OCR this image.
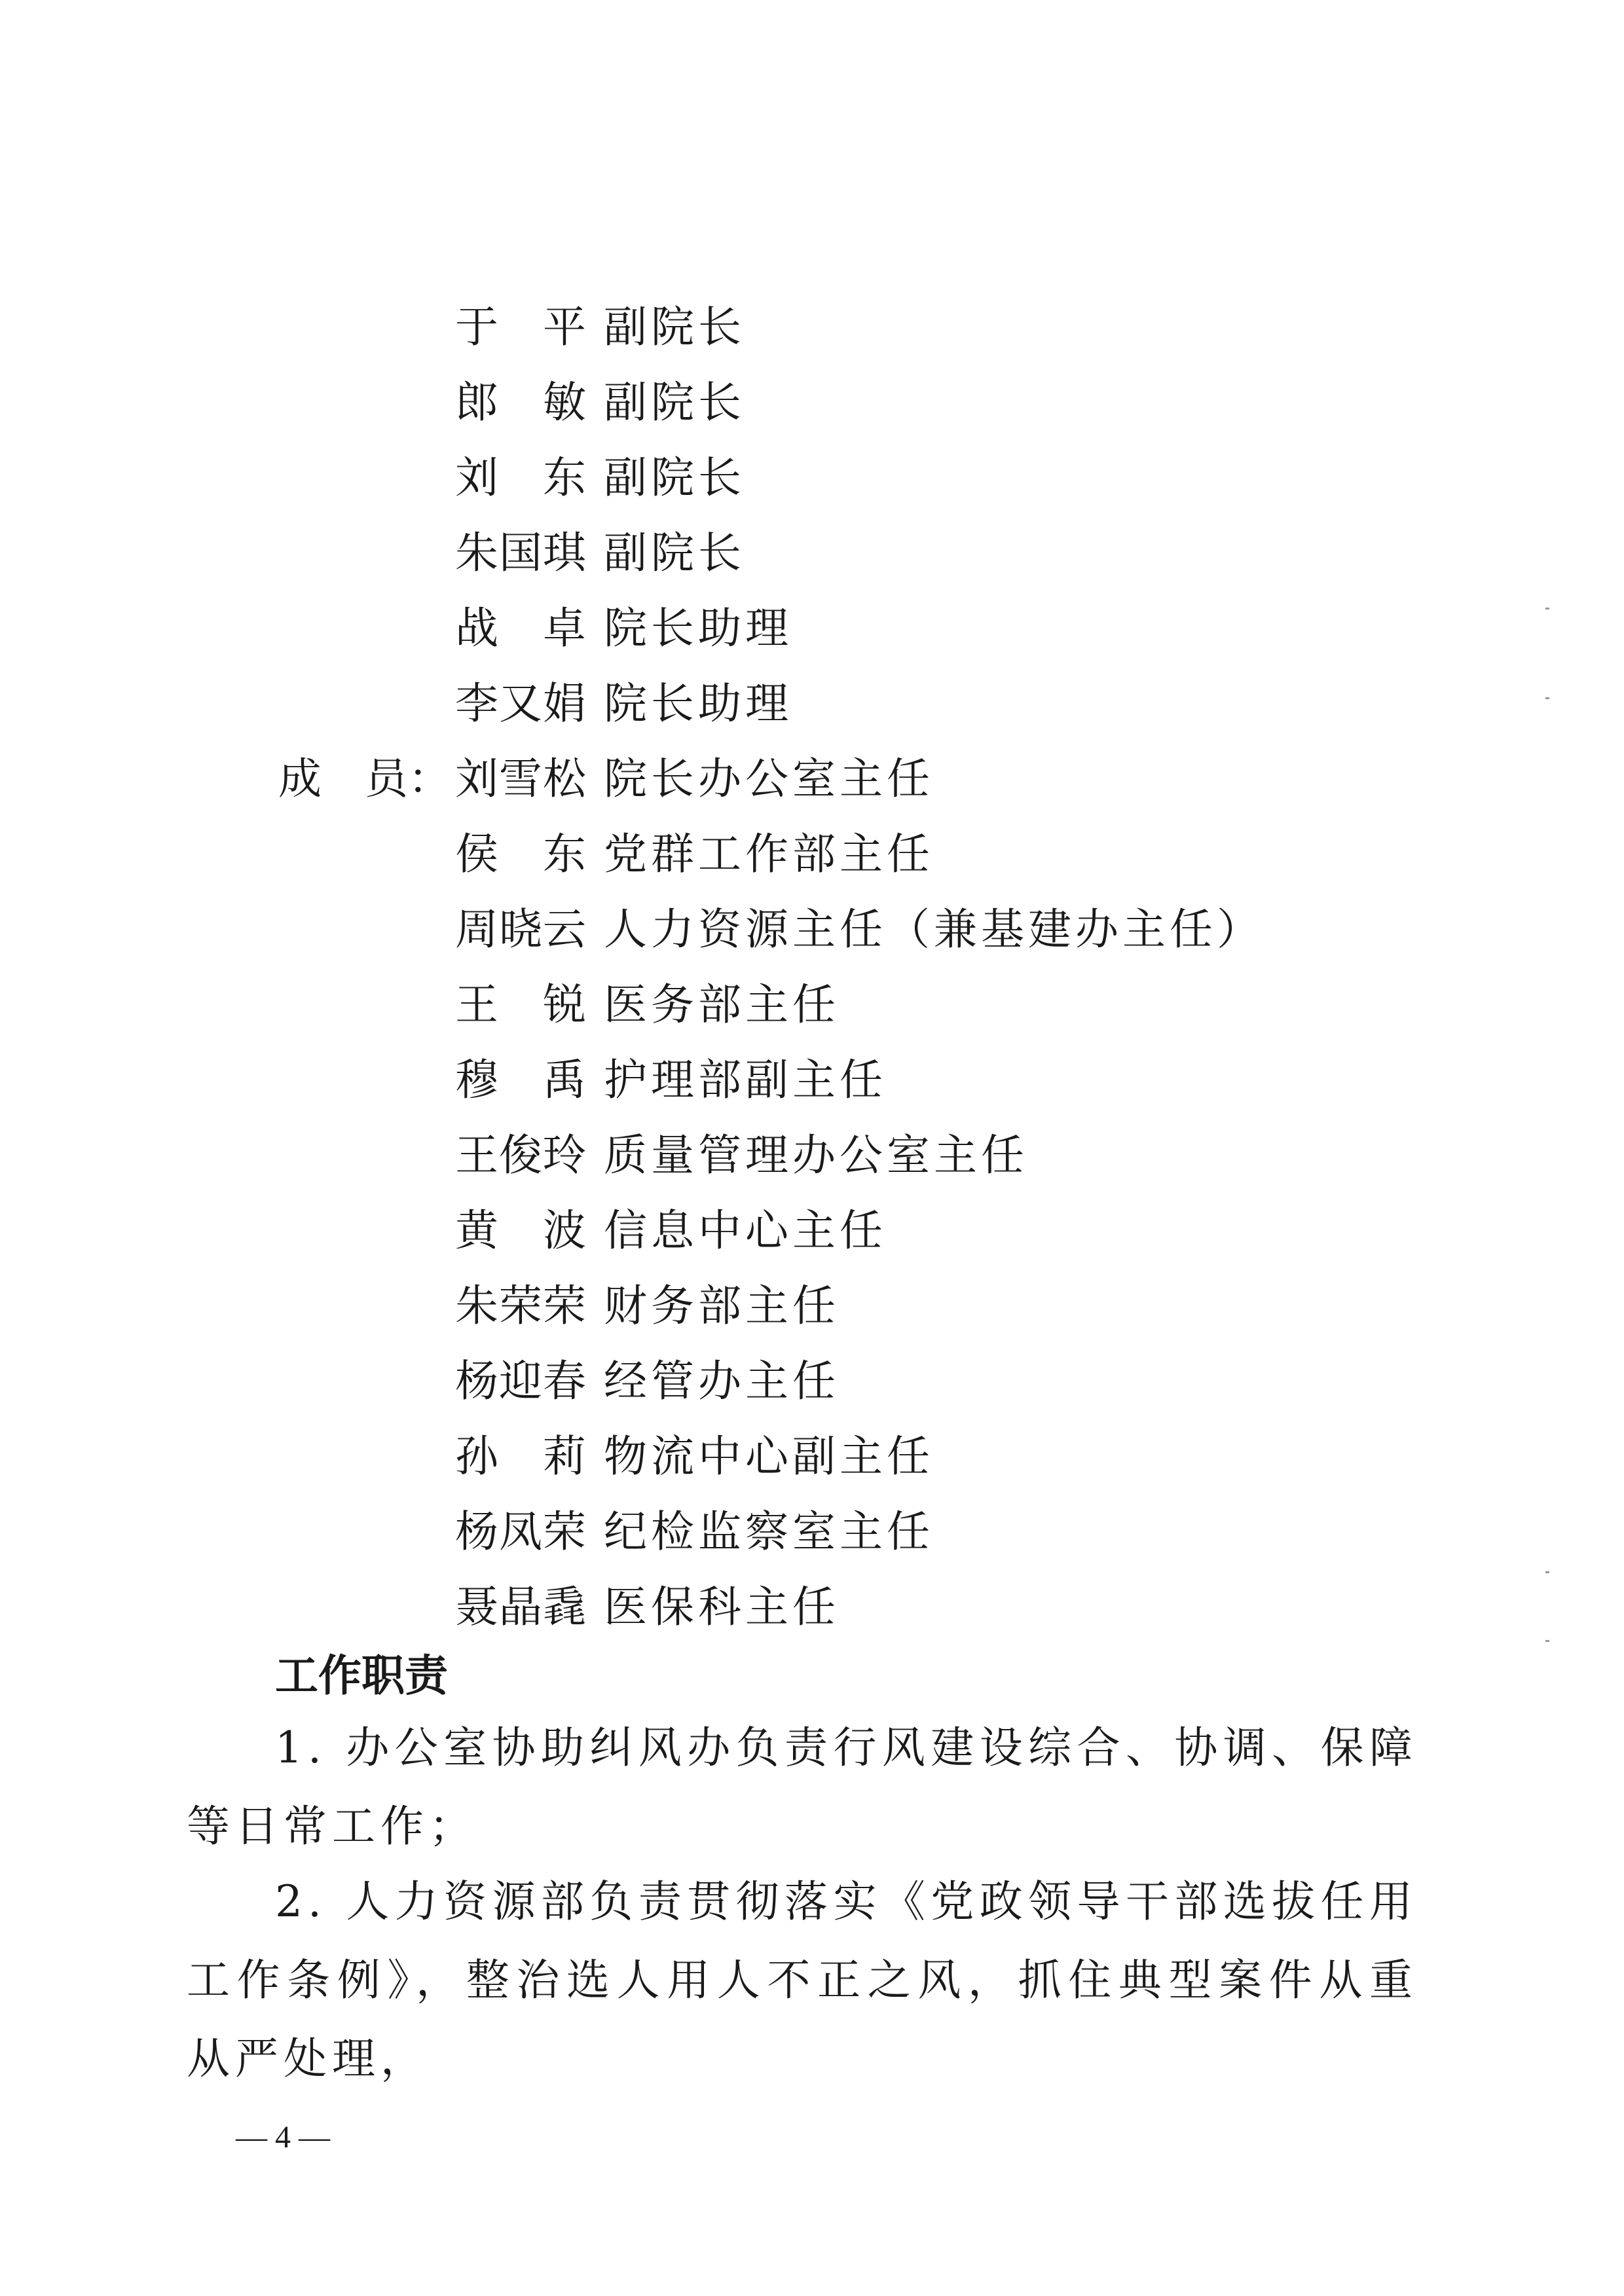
于　平 副院长
郎　敏 副院长
刘　东 副院长
朱国琪 副院长
战　卓 院长助理
李又娟 院长助理
成　员： 刘雪松 院长办公室主任
侯　东 党群工作部主任
周晓云 人力资源主任（兼基建办主任）
王　锐 医务部主任
穆　禹 护理部副主任
王俊玲 质量管理办公室主任
黄　波 信息中心主任
朱荣荣 财务部主任
杨迎春 经管办主任
孙　莉 物流中心副主任
杨凤荣 纪检监察室主任
聂晶毳 医保科主任
工作职责
1. 办公室协助纠风办负责行风建设综合、协调、保障等日常工作；
2. 人力资源部负责贯彻落实《党政领导干部选拔任用工作条例》，整治选人用人不正之风，抓住典型案件从重从严处理，
— 4 —
